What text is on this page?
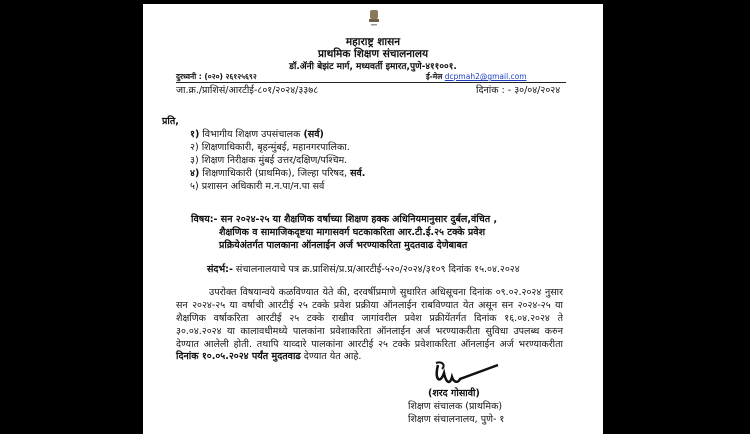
महाराष्ट्र शासन
प्राथमिक शिक्षण संचालनालय
डॉ.ॲनी बेझंट मार्ग, मध्यवर्ती इमारत,पुणे-४११००१.
दुरध्वनी : (०२०) २६१२५६९२	ई-मेल dcpmah2@gmail.com
जा.क्र./प्राशिसं/आरटीई-८०१/२०२४/३३७८	दिनांक : - ३०/०४/२०२४
प्रति,
१) विभागीय शिक्षण उपसंचालक (सर्व)
२) शिक्षणाधिकारी, बृहन्मुंबई, महानगरपालिका.
३) शिक्षण निरीक्षक मुंबई उत्तर/दक्षिण/पश्चिम.
४) शिक्षणाधिकारी (प्राथमिक), जिल्हा परिषद, सर्व.
५) प्रशासन अधिकारी म.न.पा/न.पा सर्व
विषय:- सन २०२४-२५ या शैक्षणिक वर्षाच्या शिक्षण हक्क अधिनियमानुसार दुर्बल,वंचित ,
शैक्षणिक व सामाजिकदृष्टया मागासवर्ग घटकाकरिता आर.टी.ई.२५ टक्के प्रवेश
प्रक्रियेअंतर्गत पालकाना ऑनलाईन अर्ज भरण्याकरिता मुदतवाढ देणेबाबत
संदर्भ:- संचालनालयाचे पत्र क्र.प्राशिसं/प्र.प्र/आरटीई-५२०/२०२४/३१०९ दिनांक १५.०४.२०२४
उपरोक्त विषयान्वये कळविण्यात येते की, दरवर्षीप्रमाणे सुधारित अधिसूचना दिनांक ०९.०२.२०२४ नुसार
सन २०२४-२५ या वर्षाची आरटीई २५ टक्के प्रवेश प्रक्रीया ऑनलाईन राबविण्यात येत असून सन २०२४-२५ या
शैक्षणिक वर्षाकरिता आरटीई २५ टक्के राखीव जागांवरील प्रवेश प्रक्रीयेंतर्गत दिनांक १६.०४.२०२४ ते
३०.०४.२०२४ या कालावधीमध्ये पालकांना प्रवेशाकरिता ऑनलाईन अर्ज भरण्याकरीता सुविधा उपलब्ध करुन
देण्यात आलेली होती. तथापि याव्दारे पालकांना आरटीई २५ टक्के प्रवेशाकरिता ऑनलाईन अर्ज भरण्याकरीता
दिनांक १०.०५.२०२४ पर्यंत मुदतवाढ देण्यात येत आहे.
(शरद गोसावी)
शिक्षण संचालक (प्राथमिक)
शिक्षण संचालनालय, पुणे- १
